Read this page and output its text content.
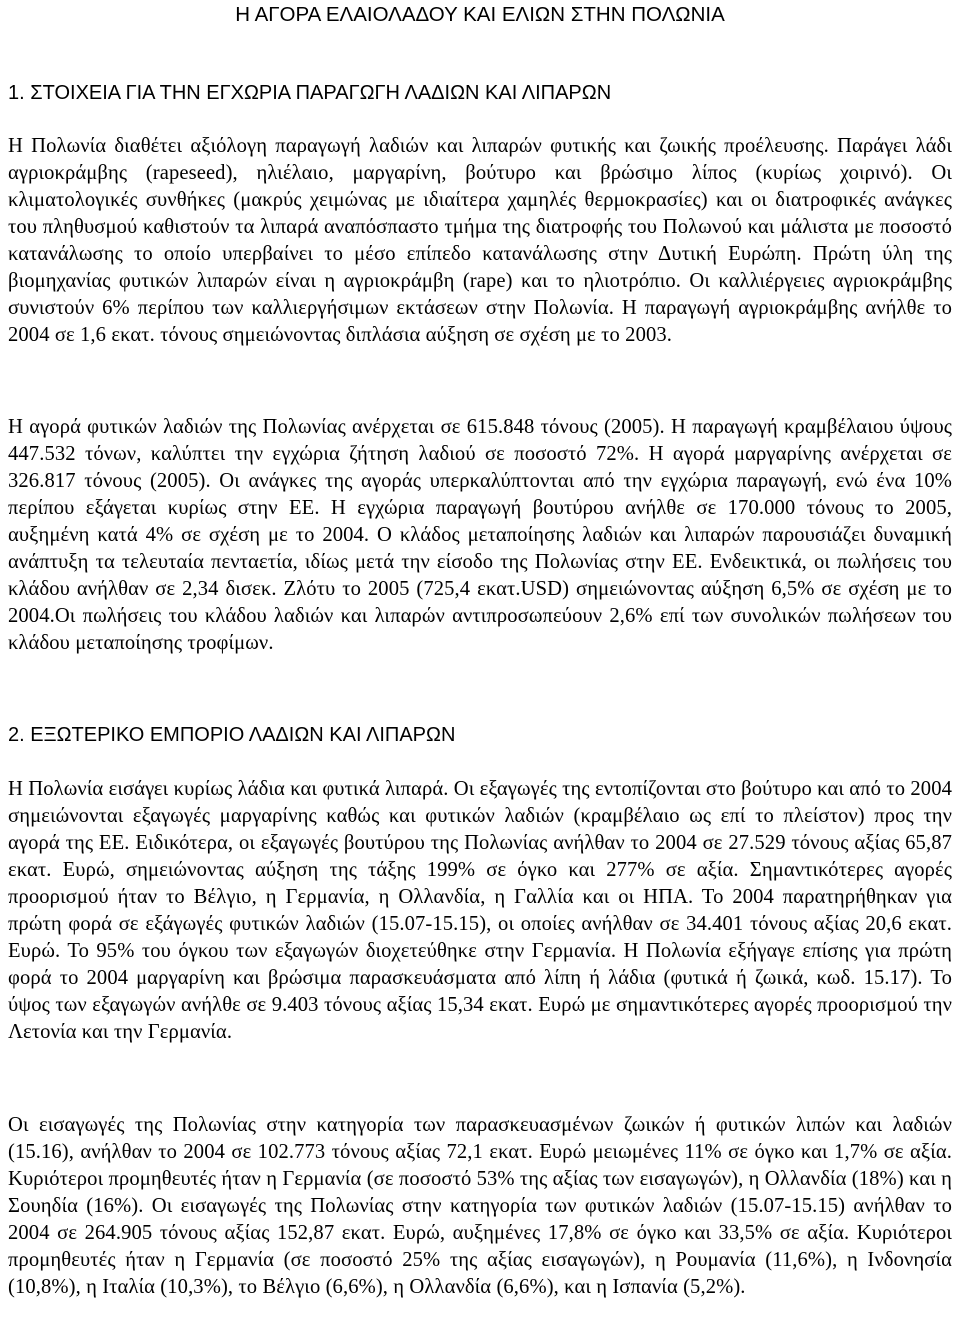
Η ΑΓΟΡΑ ΕΛΑΙΟΛΑΔΟΥ ΚΑΙ ΕΛΙΩΝ ΣΤΗΝ ΠΟΛΩΝΙΑ
1. ΣΤΟΙΧΕΙΑ ΓΙΑ ΤΗΝ ΕΓΧΩΡΙΑ ΠΑΡΑΓΩΓΗ ΛΑΔΙΩΝ ΚΑΙ ΛΙΠΑΡΩΝ

Η Πολωνία διαθέτει αξιόλογη παραγωγή λαδιών και λιπαρών φυτικής και ζωικής προέλευσης. Παράγει λάδι αγριοκράμβης (rapeseed), ηλιέλαιο, μαργαρίνη, βούτυρο και βρώσιμο λίπος (κυρίως χοιρινό). Οι κλιματολογικές συνθήκες (μακρύς χειμώνας με ιδιαίτερα χαμηλές θερμοκρασίες) και οι διατροφικές ανάγκες του πληθυσμού καθιστούν τα λιπαρά αναπόσπαστο τμήμα της διατροφής του Πολωνού και μάλιστα με ποσοστό κατανάλωσης το οποίο υπερβαίνει το μέσο επίπεδο κατανάλωσης στην Δυτική Ευρώπη. Πρώτη ύλη της βιομηχανίας φυτικών λιπαρών είναι η αγριοκράμβη (rape) και το ηλιοτρόπιο. Οι καλλιέργειες αγριοκράμβης συνιστούν 6% περίπου των καλλιεργήσιμων εκτάσεων στην Πολωνία. Η παραγωγή αγριοκράμβης ανήλθε το 2004 σε 1,6 εκατ. τόνους σημειώνοντας διπλάσια αύξηση σε σχέση με το 2003.

Η αγορά φυτικών λαδιών της Πολωνίας ανέρχεται σε 615.848 τόνους (2005). Η παραγωγή κραμβέλαιου ύψους 447.532 τόνων, καλύπτει την εγχώρια ζήτηση λαδιού σε ποσοστό 72%. Η αγορά μαργαρίνης ανέρχεται σε 326.817 τόνους (2005). Οι ανάγκες της αγοράς υπερκαλύπτονται από την εγχώρια παραγωγή, ενώ ένα 10% περίπου εξάγεται κυρίως στην ΕΕ. Η εγχώρια παραγωγή βουτύρου ανήλθε σε 170.000 τόνους το 2005, αυξημένη κατά 4% σε σχέση με το 2004. Ο κλάδος μεταποίησης λαδιών και λιπαρών παρουσιάζει δυναμική ανάπτυξη τα τελευταία πενταετία, ιδίως μετά την είσοδο της Πολωνίας στην ΕΕ. Ενδεικτικά, οι πωλήσεις του κλάδου ανήλθαν σε 2,34 δισεκ. Ζλότυ το 2005 (725,4 εκατ.USD) σημειώνοντας αύξηση 6,5% σε σχέση με το 2004.Οι πωλήσεις του κλάδου λαδιών και λιπαρών αντιπροσωπεύουν 2,6% επί των συνολικών πωλήσεων του κλάδου μεταποίησης τροφίμων.

2. ΕΞΩΤΕΡΙΚΟ ΕΜΠΟΡΙΟ ΛΑΔΙΩΝ ΚΑΙ ΛΙΠΑΡΩΝ

Η Πολωνία εισάγει κυρίως λάδια και φυτικά λιπαρά. Οι εξαγωγές της εντοπίζονται στο βούτυρο και από το 2004 σημειώνονται εξαγωγές μαργαρίνης καθώς και φυτικών λαδιών (κραμβέλαιο ως επί το πλείστον) προς την αγορά της ΕΕ. Ειδικότερα, οι εξαγωγές βουτύρου της Πολωνίας ανήλθαν το 2004 σε 27.529 τόνους αξίας 65,87 εκατ. Ευρώ, σημειώνοντας αύξηση της τάξης 199% σε όγκο και 277% σε αξία. Σημαντικότερες αγορές προορισμού ήταν το Βέλγιο, η Γερμανία, η Ολλανδία, η Γαλλία και οι ΗΠΑ. Το 2004 παρατηρήθηκαν για πρώτη φορά σε εξάγωγές φυτικών λαδιών (15.07-15.15), οι οποίες ανήλθαν σε 34.401 τόνους αξίας 20,6 εκατ. Ευρώ. Το 95% του όγκου των εξαγωγών διοχετεύθηκε στην Γερμανία. Η Πολωνία εξήγαγε επίσης για πρώτη φορά το 2004 μαργαρίνη και βρώσιμα παρασκευάσματα από λίπη ή λάδια (φυτικά ή ζωικά, κωδ. 15.17). Το ύψος των εξαγωγών ανήλθε σε 9.403 τόνους αξίας 15,34 εκατ. Ευρώ με σημαντικότερες αγορές προορισμού την Λετονία και την Γερμανία.

Οι εισαγωγές της Πολωνίας στην κατηγορία των παρασκευασμένων ζωικών ή φυτικών λιπών και λαδιών (15.16), ανήλθαν το 2004 σε 102.773 τόνους αξίας 72,1 εκατ. Ευρώ μειωμένες 11% σε όγκο και 1,7% σε αξία. Κυριότεροι προμηθευτές ήταν η Γερμανία (σε ποσοστό 53% της αξίας των εισαγωγών), η Ολλανδία (18%) και η Σουηδία (16%). Οι εισαγωγές της Πολωνίας στην κατηγορία των φυτικών λαδιών (15.07-15.15) ανήλθαν το 2004 σε 264.905 τόνους αξίας 152,87 εκατ. Ευρώ, αυξημένες 17,8% σε όγκο και 33,5% σε αξία. Κυριότεροι προμηθευτές ήταν η Γερμανία (σε ποσοστό 25% της αξίας εισαγωγών), η Ρουμανία (11,6%), η Ινδονησία (10,8%), η Ιταλία (10,3%), το Βέλγιο (6,6%), η Ολλανδία (6,6%), και η Ισπανία (5,2%).
